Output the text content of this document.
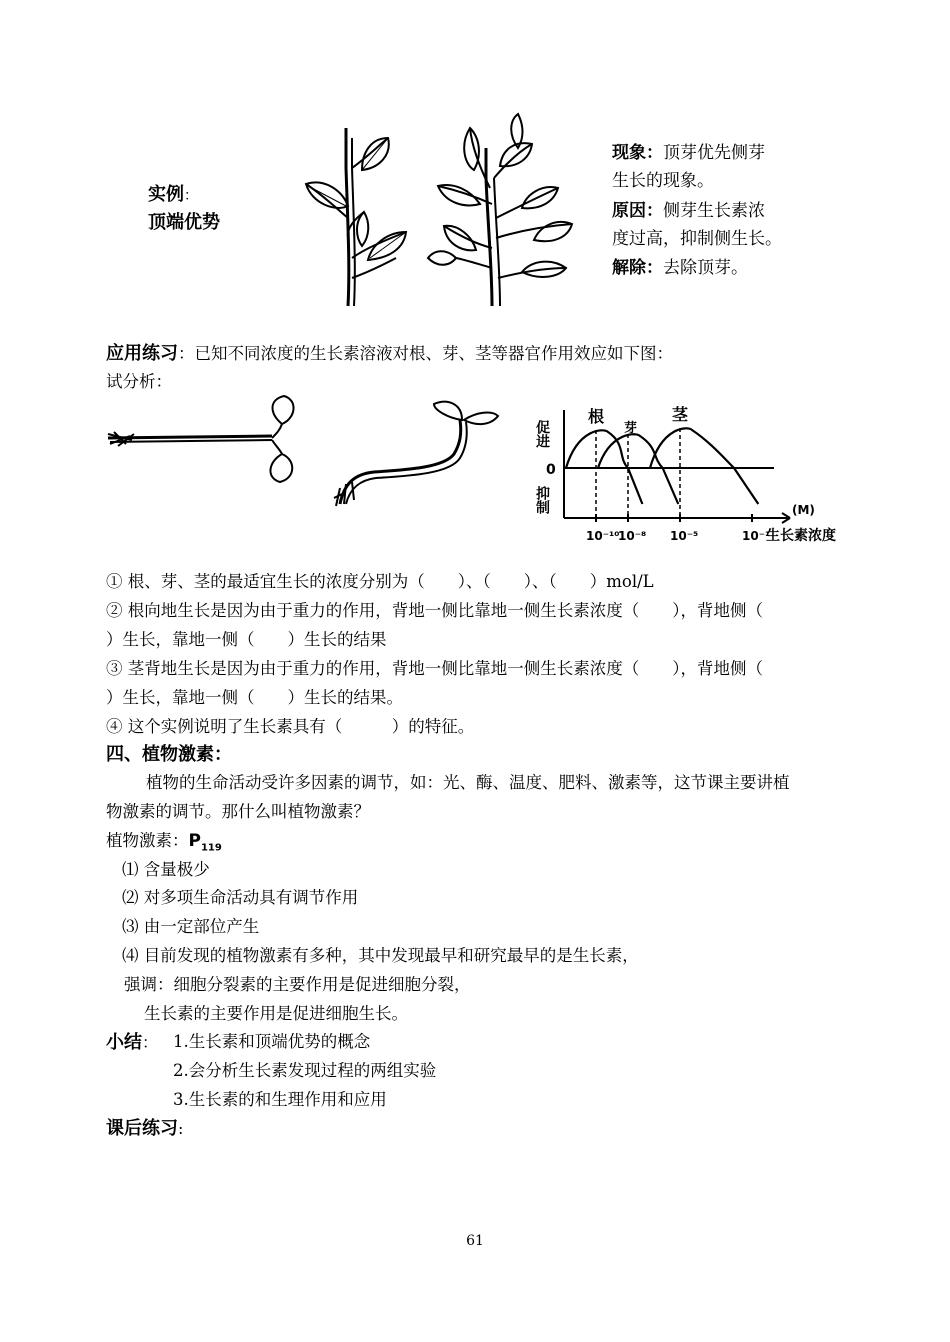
实例：
顶端优势
现象：顶芽优先侧芽
生长的现象。
原因：侧芽生长素浓
度过高，抑制侧生长。
解除：去除顶芽。
应用练习：已知不同浓度的生长素溶液对根、芽、茎等器官作用效应如下图：
试分析：
促进
抑制
0
(M)
生长素浓度
根
芽
茎
10⁻¹⁰
10⁻⁸ 10⁻⁵	10⁻¹
① 根、芽、茎的最适宜生长的浓度分别为（　　）、（　　）、（　　）mol/L
② 根向地生长是因为由于重力的作用，背地一侧比靠地一侧生长素浓度（　　），背地侧（
）生长，靠地一侧（　　）生长的结果
③ 茎背地生长是因为由于重力的作用，背地一侧比靠地一侧生长素浓度（　　），背地侧（
）生长，靠地一侧（　　）生长的结果。
④ 这个实例说明了生长素具有（　　　）的特征。
四、植物激素：
植物的生命活动受许多因素的调节，如：光、酶、温度、肥料、激素等，这节课主要讲植
物激素的调节。那什么叫植物激素？
植物激素：$P_{119}$
⑴ 含量极少
⑵ 对多项生命活动具有调节作用
⑶ 由一定部位产生
⑷ 目前发现的植物激素有多种，其中发现最早和研究最早的是生长素，
强调：细胞分裂素的主要作用是促进细胞分裂，
生长素的主要作用是促进细胞生长。
小结： 1.生长素和顶端优势的概念
2.会分析生长素发现过程的两组实验
3.生长素的和生理作用和应用
课后练习:
61
